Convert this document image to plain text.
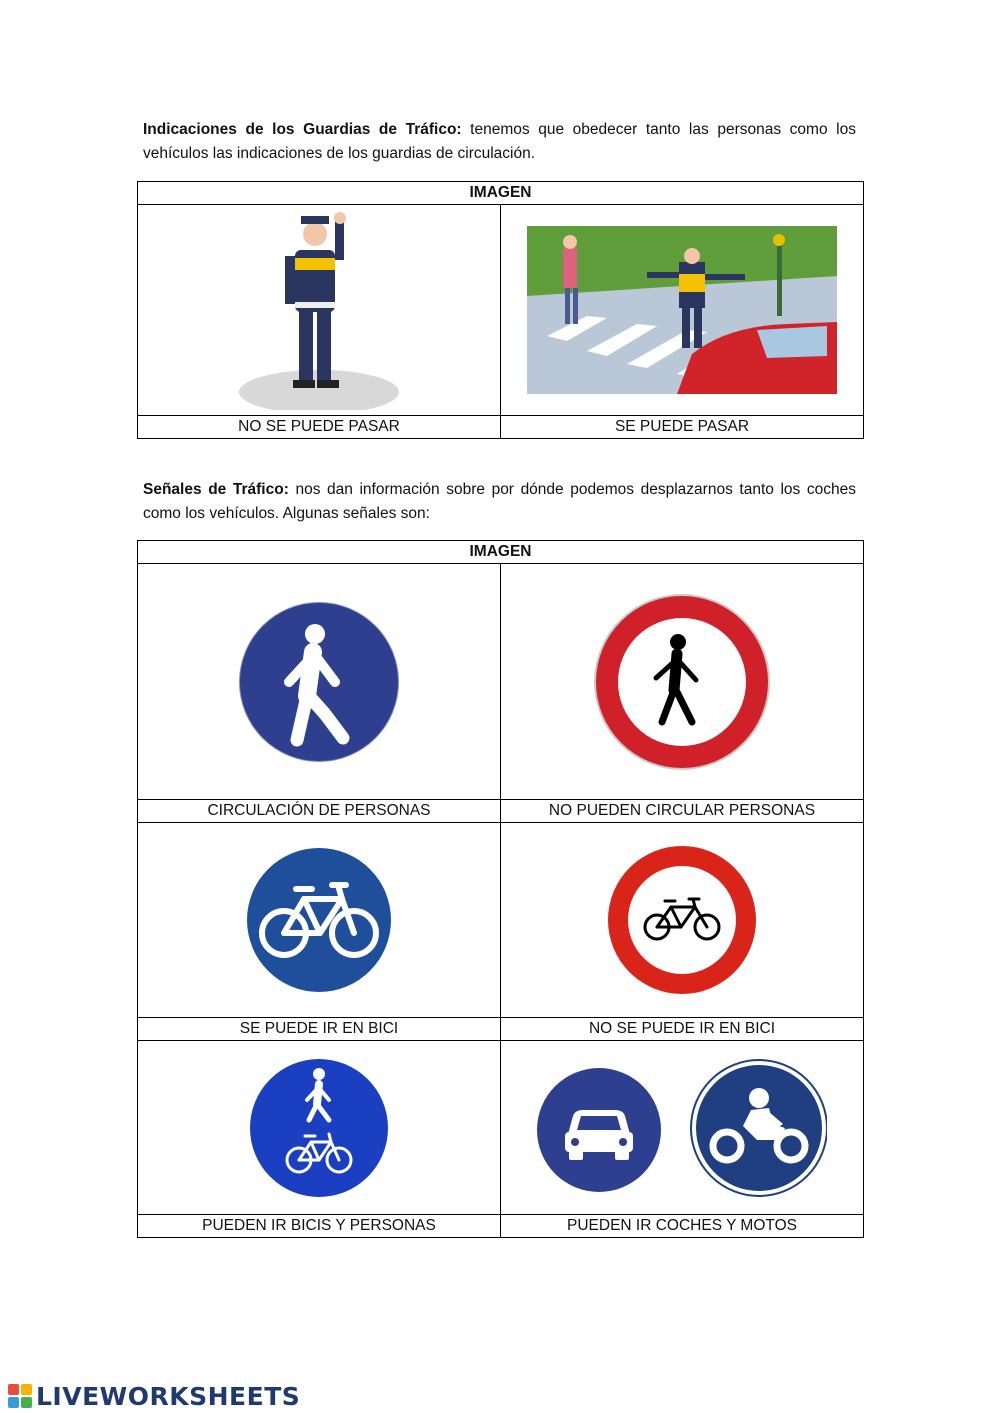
Indicaciones de los Guardias de Tráfico: tenemos que obedecer tanto las personas como los vehículos las indicaciones de los guardias de circulación.
IMAGEN	

NO SE PUEDE PASAR	SE PUEDE PASAR
Señales de Tráfico: nos dan información sobre por dónde podemos desplazarnos tanto los coches como los vehículos. Algunas señales son:
IMAGEN	

CIRCULACIÓN DE PERSONAS	NO PUEDEN CIRCULAR PERSONAS

SE PUEDE IR EN BICI	NO SE PUEDE IR EN BICI

PUEDEN IR BICIS Y PERSONAS	PUEDEN IR COCHES Y MOTOS
LIVEWORKSHEETS
